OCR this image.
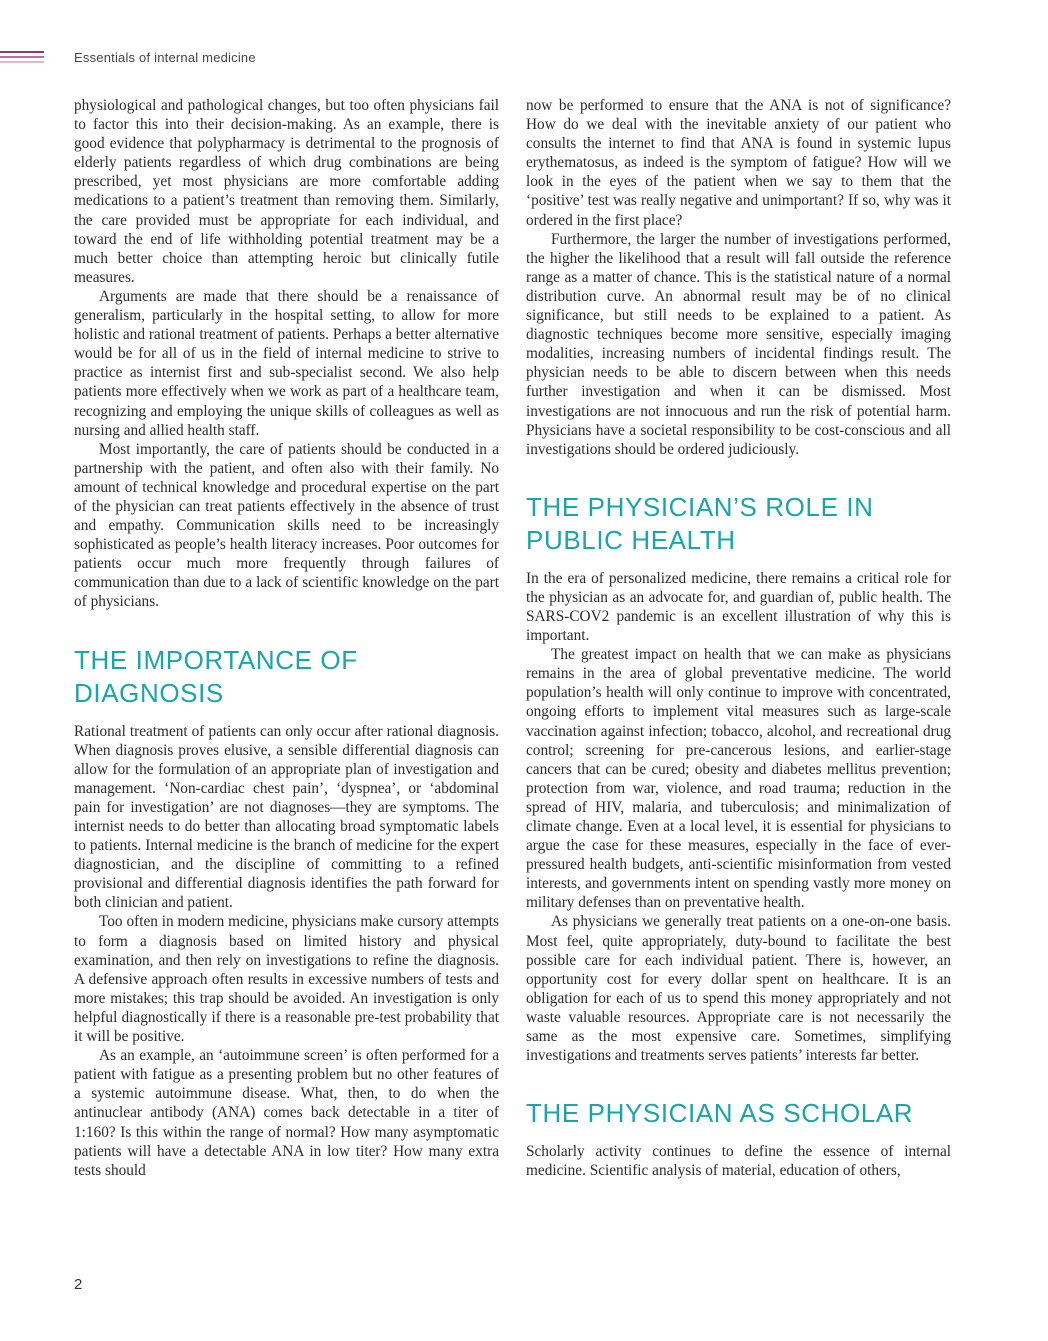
Essentials of internal medicine

physiological and pathological changes, but too often physicians fail to factor this into their decision-making. As an example, there is good evidence that polypharmacy is detrimental to the prognosis of elderly patients regardless of which drug combinations are being prescribed, yet most physicians are more comfortable adding medications to a patient’s treatment than removing them. Similarly, the care provided must be appropriate for each individual, and toward the end of life withholding potential treatment may be a much better choice than attempting heroic but clinically futile measures.

Arguments are made that there should be a renaissance of generalism, particularly in the hospital setting, to allow for more holistic and rational treatment of patients. Perhaps a better alternative would be for all of us in the field of internal medicine to strive to practice as internist first and sub-specialist second. We also help patients more effectively when we work as part of a healthcare team, recognizing and employing the unique skills of colleagues as well as nursing and allied health staff.

Most importantly, the care of patients should be conducted in a partnership with the patient, and often also with their family. No amount of technical knowledge and procedural expertise on the part of the physician can treat patients effectively in the absence of trust and empathy. Communication skills need to be increasingly sophisticated as people’s health literacy increases. Poor outcomes for patients occur much more frequently through failures of communication than due to a lack of scientific knowledge on the part of physicians.

THE IMPORTANCE OF DIAGNOSIS

Rational treatment of patients can only occur after rational diagnosis. When diagnosis proves elusive, a sensible differential diagnosis can allow for the formulation of an appropriate plan of investigation and management. ‘Non-cardiac chest pain’, ‘dyspnea’, or ‘abdominal pain for investigation’ are not diagnoses—they are symptoms. The internist needs to do better than allocating broad symptomatic labels to patients. Internal medicine is the branch of medicine for the expert diagnostician, and the discipline of committing to a refined provisional and differential diagnosis identifies the path forward for both clinician and patient.

Too often in modern medicine, physicians make cursory attempts to form a diagnosis based on limited history and physical examination, and then rely on investigations to refine the diagnosis. A defensive approach often results in excessive numbers of tests and more mistakes; this trap should be avoided. An investigation is only helpful diagnostically if there is a reasonable pre-test probability that it will be positive.

As an example, an ‘autoimmune screen’ is often performed for a patient with fatigue as a presenting problem but no other features of a systemic autoimmune disease. What, then, to do when the antinuclear antibody (ANA) comes back detectable in a titer of 1:160? Is this within the range of normal? How many asymptomatic patients will have a detectable ANA in low titer? How many extra tests should

now be performed to ensure that the ANA is not of significance? How do we deal with the inevitable anxiety of our patient who consults the internet to find that ANA is found in systemic lupus erythematosus, as indeed is the symptom of fatigue? How will we look in the eyes of the patient when we say to them that the ‘positive’ test was really negative and unimportant? If so, why was it ordered in the first place?

Furthermore, the larger the number of investigations performed, the higher the likelihood that a result will fall outside the reference range as a matter of chance. This is the statistical nature of a normal distribution curve. An abnormal result may be of no clinical significance, but still needs to be explained to a patient. As diagnostic techniques become more sensitive, especially imaging modalities, increasing numbers of incidental findings result. The physician needs to be able to discern between when this needs further investigation and when it can be dismissed. Most investigations are not innocuous and run the risk of potential harm. Physicians have a societal responsibility to be cost-conscious and all investigations should be ordered judiciously.

THE PHYSICIAN’S ROLE IN PUBLIC HEALTH

In the era of personalized medicine, there remains a critical role for the physician as an advocate for, and guardian of, public health. The SARS-COV2 pandemic is an excellent illustration of why this is important.

The greatest impact on health that we can make as physicians remains in the area of global preventative medicine. The world population’s health will only continue to improve with concentrated, ongoing efforts to implement vital measures such as large-scale vaccination against infection; tobacco, alcohol, and recreational drug control; screening for pre-cancerous lesions, and earlier-stage cancers that can be cured; obesity and diabetes mellitus prevention; protection from war, violence, and road trauma; reduction in the spread of HIV, malaria, and tuberculosis; and minimalization of climate change. Even at a local level, it is essential for physicians to argue the case for these measures, especially in the face of ever-pressured health budgets, anti-scientific misinformation from vested interests, and governments intent on spending vastly more money on military defenses than on preventative health.

As physicians we generally treat patients on a one-on-one basis. Most feel, quite appropriately, duty-bound to facilitate the best possible care for each individual patient. There is, however, an opportunity cost for every dollar spent on healthcare. It is an obligation for each of us to spend this money appropriately and not waste valuable resources. Appropriate care is not necessarily the same as the most expensive care. Sometimes, simplifying investigations and treatments serves patients’ interests far better.

THE PHYSICIAN AS SCHOLAR

Scholarly activity continues to define the essence of internal medicine. Scientific analysis of material, education of others,

2
